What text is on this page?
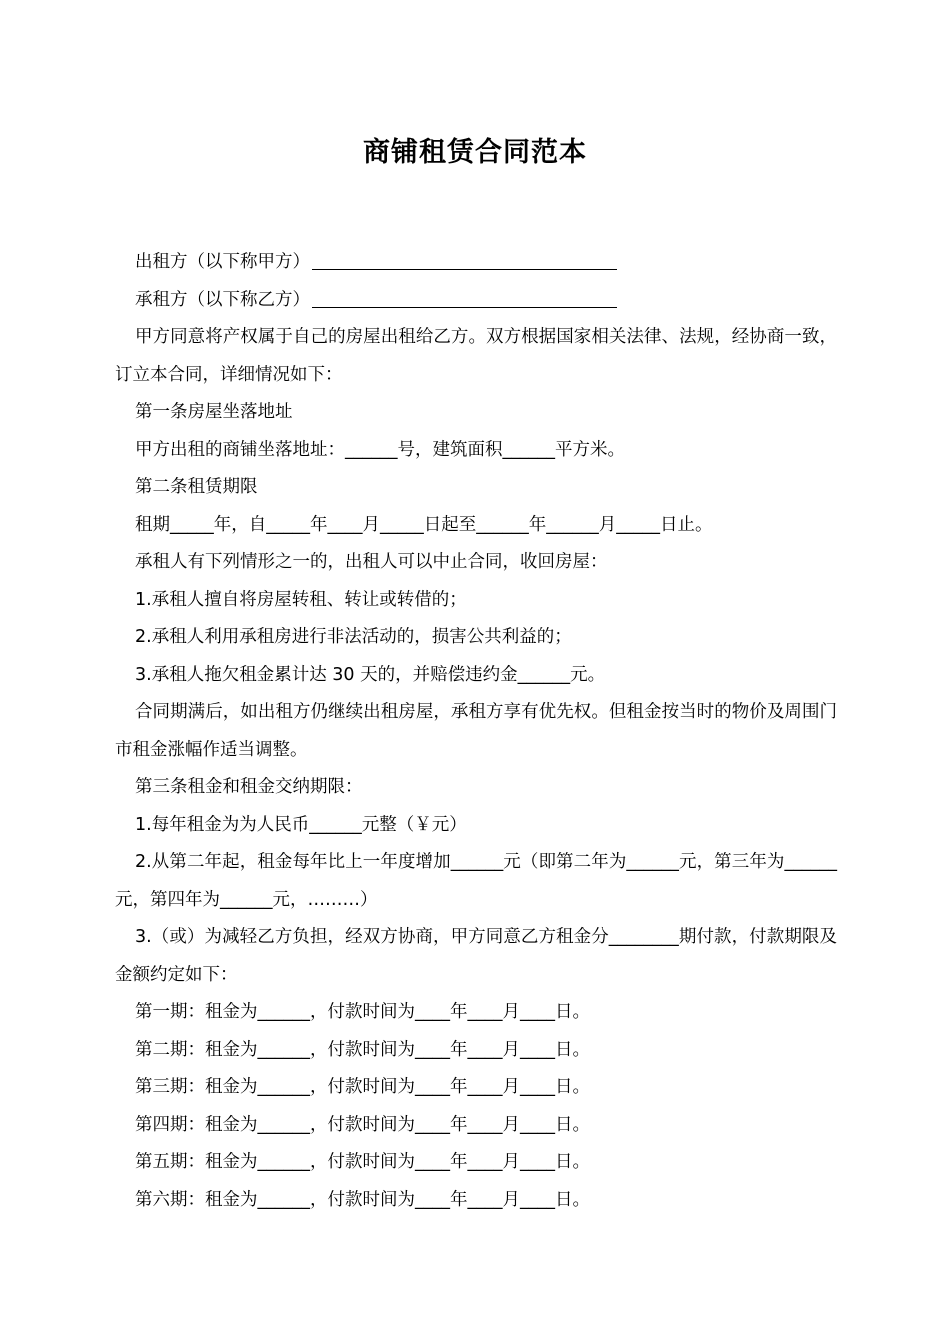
商铺租赁合同范本

出租方（以下称甲方）

承租方（以下称乙方）

甲方同意将产权属于自己的房屋出租给乙方。双方根据国家相关法律、法规，经协商一致，订立本合同，详细情况如下：

第一条房屋坐落地址

甲方出租的商铺坐落地址：______号，建筑面积______平方米。

第二条租赁期限

租期_____年，自_____年____月_____日起至______年______月_____日止。

承租人有下列情形之一的，出租人可以中止合同，收回房屋：

1.承租人擅自将房屋转租、转让或转借的；

2.承租人利用承租房进行非法活动的，损害公共利益的；

3.承租人拖欠租金累计达 30 天的，并赔偿违约金______元。

合同期满后，如出租方仍继续出租房屋，承租方享有优先权。但租金按当时的物价及周围门市租金涨幅作适当调整。

第三条租金和租金交纳期限：

1.每年租金为为人民币______元整（￥元）

2.从第二年起，租金每年比上一年度增加______元（即第二年为______元，第三年为______元，第四年为______元，………）

3.（或）为减轻乙方负担，经双方协商，甲方同意乙方租金分________期付款，付款期限及金额约定如下：

第一期：租金为______，付款时间为____年____月____日。

第二期：租金为______，付款时间为____年____月____日。

第三期：租金为______，付款时间为____年____月____日。

第四期：租金为______，付款时间为____年____月____日。

第五期：租金为______，付款时间为____年____月____日。

第六期：租金为______，付款时间为____年____月____日。
